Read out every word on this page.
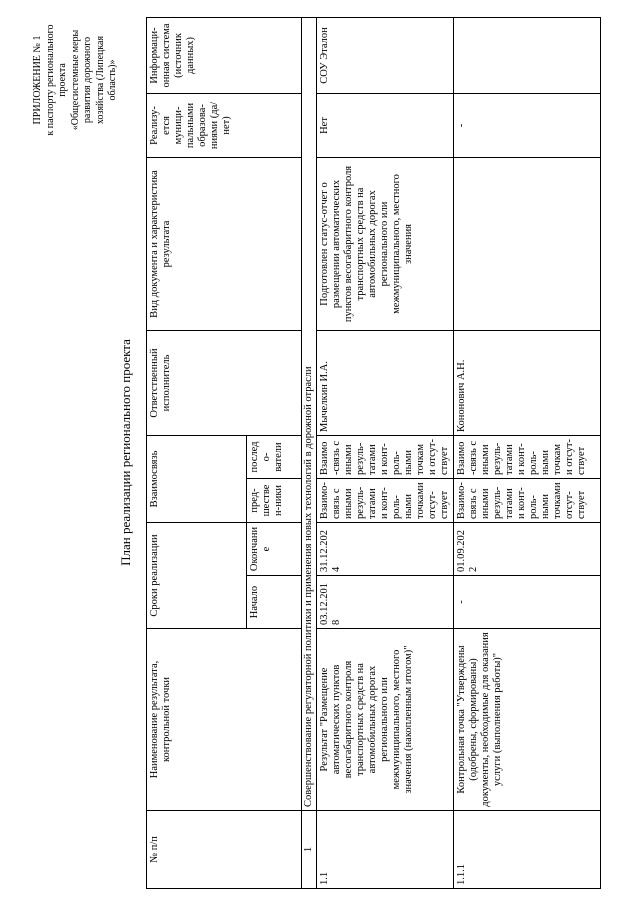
ПРИЛОЖЕНИЕ № 1 к паспорту регионального проекта «Общесистемные меры развития дорожного хозяйства (Липецкая область)»
План реализации регионального проекта
№ п/п	Наименование результата, контрольной точки	Сроки реализации		Взаимосвязь		Ответственный исполнитель	Вид документа и характеристика результата	Реализу-ется муници-пальными образова-ниями (да/нет)	Информаци-онная система (источник данных)
		Начало	Окончание	пред-шествен-ники	последо-ватели				
1	Совершенствование регуляторной политики и применения новых технологий в дорожной отрасли								
1.1	Результат "Размещение автоматических пунктов весогабаритного контроля транспортных средств на автомобильных дорогах регионального или межмуниципального, местного значения (накопленным итогом)"	03.12.2018	31.12.2024	Взаимо-связь с иными резуль-татами и конт-роль-ными точками отсут-ствует	Взаимо-связь с иными резуль-татами и конт-роль-ными точками отсут-ствует	Мычелкин И.А.	Подготовлен статус-отчет о размещении автоматических пунктов весогабаритного контроля транспортных средств на автомобильных дорогах регионального или межмуниципального, местного значения	Нет	СОУ Эталон
1.1.1	Контрольная точка "Утверждены (одобрены, сформированы) документы, необходимые для оказания услуги (выполнения работы)"	-	01.09.2022	Взаимо-связь с иными резуль-татами и конт-роль-ными точками отсут-ствует	Взаимо-связь с иными резуль-татами и конт-роль-ными точками отсут-ствует	Кононович А.Н.		-	
